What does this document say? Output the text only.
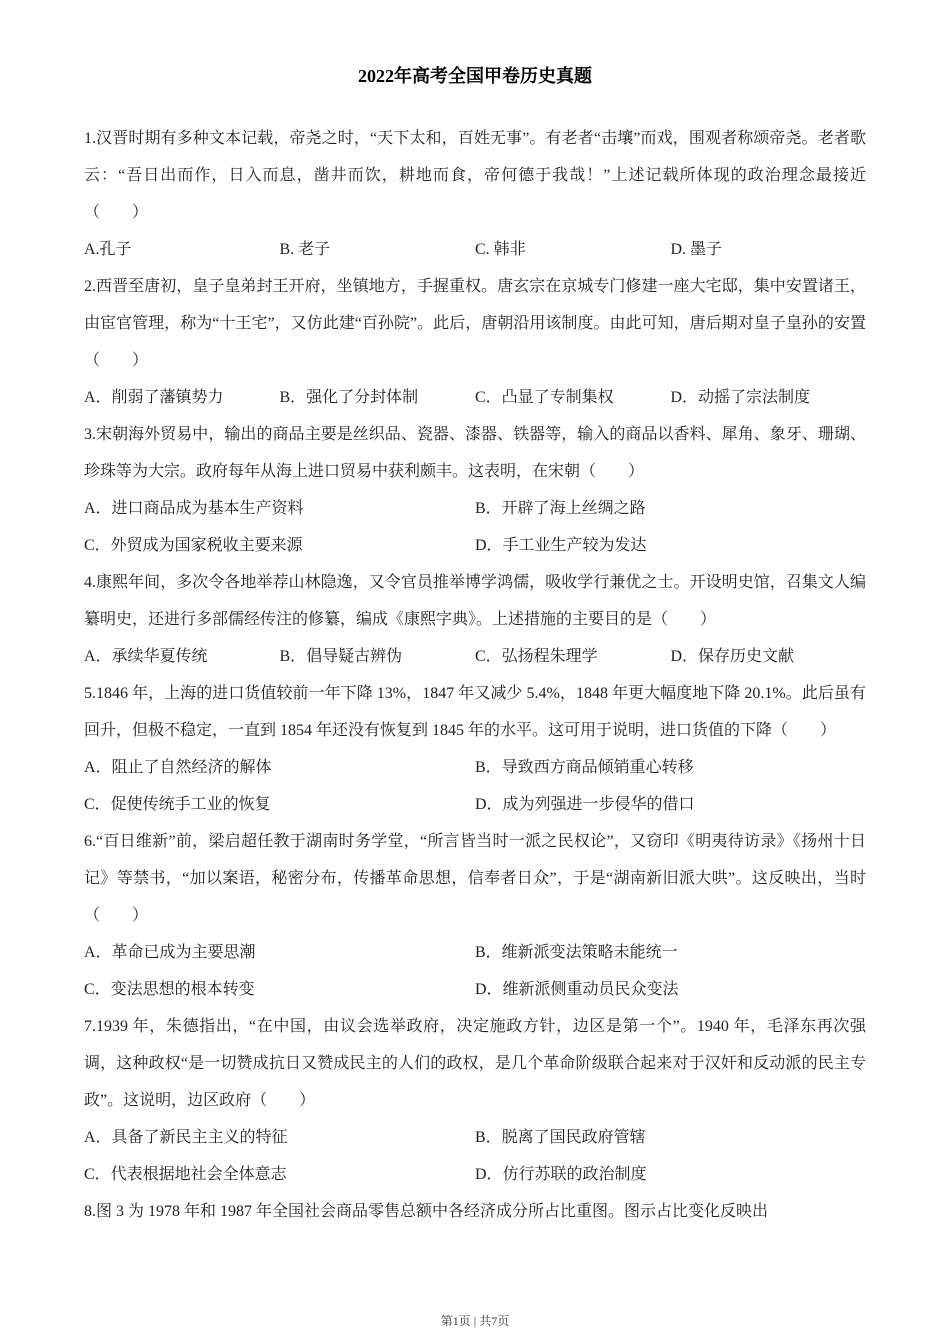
2022年高考全国甲卷历史真题

1.汉晋时期有多种文本记载，帝尧之时，“天下太和，百姓无事”。有老者“击壤”而戏，围观者称颂帝尧。老者歌云：“吾日出而作，日入而息，凿井而饮，耕地而食，帝何德于我哉！”上述记载所体现的政治理念最接近（　　）

A.孔子	B. 老子	C. 韩非	D. 墨子

2.西晋至唐初，皇子皇弟封王开府，坐镇地方，手握重权。唐玄宗在京城专门修建一座大宅邸，集中安置诸王，由宦官管理，称为“十王宅”，又仿此建“百孙院”。此后，唐朝沿用该制度。由此可知，唐后期对皇子皇孙的安置（　　）

A．削弱了藩镇势力	B．强化了分封体制	C．凸显了专制集权	D．动摇了宗法制度

3.宋朝海外贸易中，输出的商品主要是丝织品、瓷器、漆器、铁器等，输入的商品以香料、犀角、象牙、珊瑚、珍珠等为大宗。政府每年从海上进口贸易中获利颇丰。这表明，在宋朝（　　）

A．进口商品成为基本生产资料	B．开辟了海上丝绸之路
C．外贸成为国家税收主要来源	D．手工业生产较为发达

4.康熙年间，多次令各地举荐山林隐逸，又令官员推举博学鸿儒，吸收学行兼优之士。开设明史馆，召集文人编纂明史，还进行多部儒经传注的修纂，编成《康熙字典》。上述措施的主要目的是（　　）

A．承续华夏传统	B．倡导疑古辨伪	C．弘扬程朱理学	D．保存历史文献

5.1846 年，上海的进口货值较前一年下降 13%，1847 年又减少 5.4%，1848 年更大幅度地下降 20.1%。此后虽有回升，但极不稳定，一直到 1854 年还没有恢复到 1845 年的水平。这可用于说明，进口货值的下降（　　）

A．阻止了自然经济的解体	B．导致西方商品倾销重心转移
C．促使传统手工业的恢复	D．成为列强进一步侵华的借口

6.“百日维新”前，梁启超任教于湖南时务学堂，“所言皆当时一派之民权论”，又窃印《明夷待访录》《扬州十日记》等禁书，“加以案语，秘密分布，传播革命思想，信奉者日众”，于是“湖南新旧派大哄”。这反映出，当时（　　）

A．革命已成为主要思潮	B．维新派变法策略未能统一
C．变法思想的根本转变	D．维新派侧重动员民众变法

7.1939 年，朱德指出，“在中国，由议会选举政府，决定施政方针，边区是第一个”。1940 年，毛泽东再次强调，这种政权“是一切赞成抗日又赞成民主的人们的政权，是几个革命阶级联合起来对于汉奸和反动派的民主专政”。这说明，边区政府（　　）

A．具备了新民主主义的特征	B．脱离了国民政府管辖
C．代表根据地社会全体意志	D．仿行苏联的政治制度

8.图 3 为 1978 年和 1987 年全国社会商品零售总额中各经济成分所占比重图。图示占比变化反映出

第1页 | 共7页
